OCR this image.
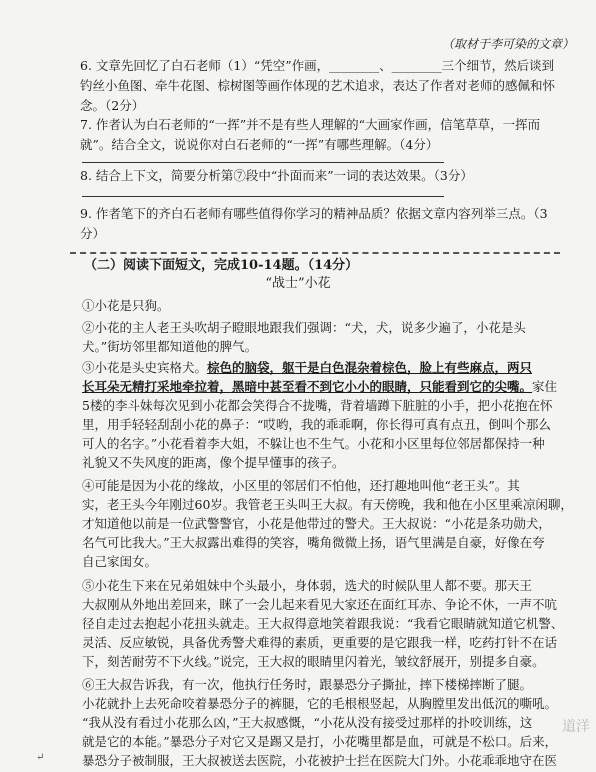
（取材于李可染的文章）
6. 文章先回忆了白石老师（1）“凭空”作画，________、________三个细节，然后谈到
钓丝小鱼图、牵牛花图、棕树图等画作体现的艺术追求，表达了作者对老师的感佩和怀
念。（2分）
7. 作者认为白石老师的“一挥”并不是有些人理解的“大画家作画，信笔草草，一挥而
就”。结合全文，说说你对白石老师的“一挥”有哪些理解。（4分）
8. 结合上下文，简要分析第⑦段中“扑面而来”一词的表达效果。（3分）
9. 作者笔下的齐白石老师有哪些值得你学习的精神品质？依据文章内容列举三点。（3
分）
（二）阅读下面短文，完成10-14题。（14分）
“战士”小花
①小花是只狗。
②小花的主人老王头吹胡子瞪眼地跟我们强调：“犬，犬，说多少遍了，小花是头
犬。”街坊邻里都知道他的脾气。
③小花是头史宾格犬。棕色的脑袋，躯干是白色混杂着棕色，脸上有些麻点，两只
长耳朵无精打采地牵拉着，黑暗中甚至看不到它小小的眼睛，只能看到它的尖嘴。家住
5楼的李斗妹每次见到小花都会笑得合不拢嘴，背着墙蹲下脏脏的小手，把小花抱在怀
里，用手轻轻刮刮小花的鼻子：“哎哟，我的乖乖啊，你长得可真有点丑，倒叫个那么
可人的名字。”小花看着李大姐，不躲让也不生气。小花和小区里每位邻居都保持一种
礼貌又不失风度的距离，像个提早懂事的孩子。
④可能是因为小花的缘故，小区里的邻居们不怕他，还打趣地叫他“老王头”。其
实，老王头今年刚过60岁。我管老王头叫王大叔。有天傍晚，我和他在小区里乘凉闲聊，
才知道他以前是一位武警警官，小花是他带过的警犬。王大叔说：“小花是条功勋犬，
名气可比我大。”王大叔露出难得的笑容，嘴角微微上扬，语气里满是自豪，好像在夸
自己家闺女。
⑤小花生下来在兄弟姐妹中个头最小，身体弱，选犬的时候队里人都不要。那天王
大叔刚从外地出差回来，眯了一会儿起来看见大家还在面红耳赤、争论不休，一声不吭
径自走过去抱起小花扭头就走。王大叔得意地笑着跟我说：“我看它眼睛就知道它机警、
灵活、反应敏锐，具备优秀警犬难得的素质，更重要的是它跟我一样，吃药打针不在话
下，刻苦耐劳不下火线。”说完，王大叔的眼睛里闪着光，皱纹舒展开，别提多自豪。
⑥王大叔告诉我，有一次，他执行任务时，跟暴恐分子撕扯，摔下楼梯摔断了腿。
小花就扑上去死命咬着暴恐分子的裤腿，它的毛根根竖起，从胸膛里发出低沉的嘶吼。
“我从没有看过小花那么凶，”王大叔感慨，“小花从没有接受过那样的扑咬训练，这
就是它的本能。”暴恐分子对它又是踢又是打，小花嘴里都是血，可就是不松口。后来，
暴恐分子被制服，王大叔被送去医院，小花被护士拦在医院大门外。小花乖乖地守在医
道洋
↵
